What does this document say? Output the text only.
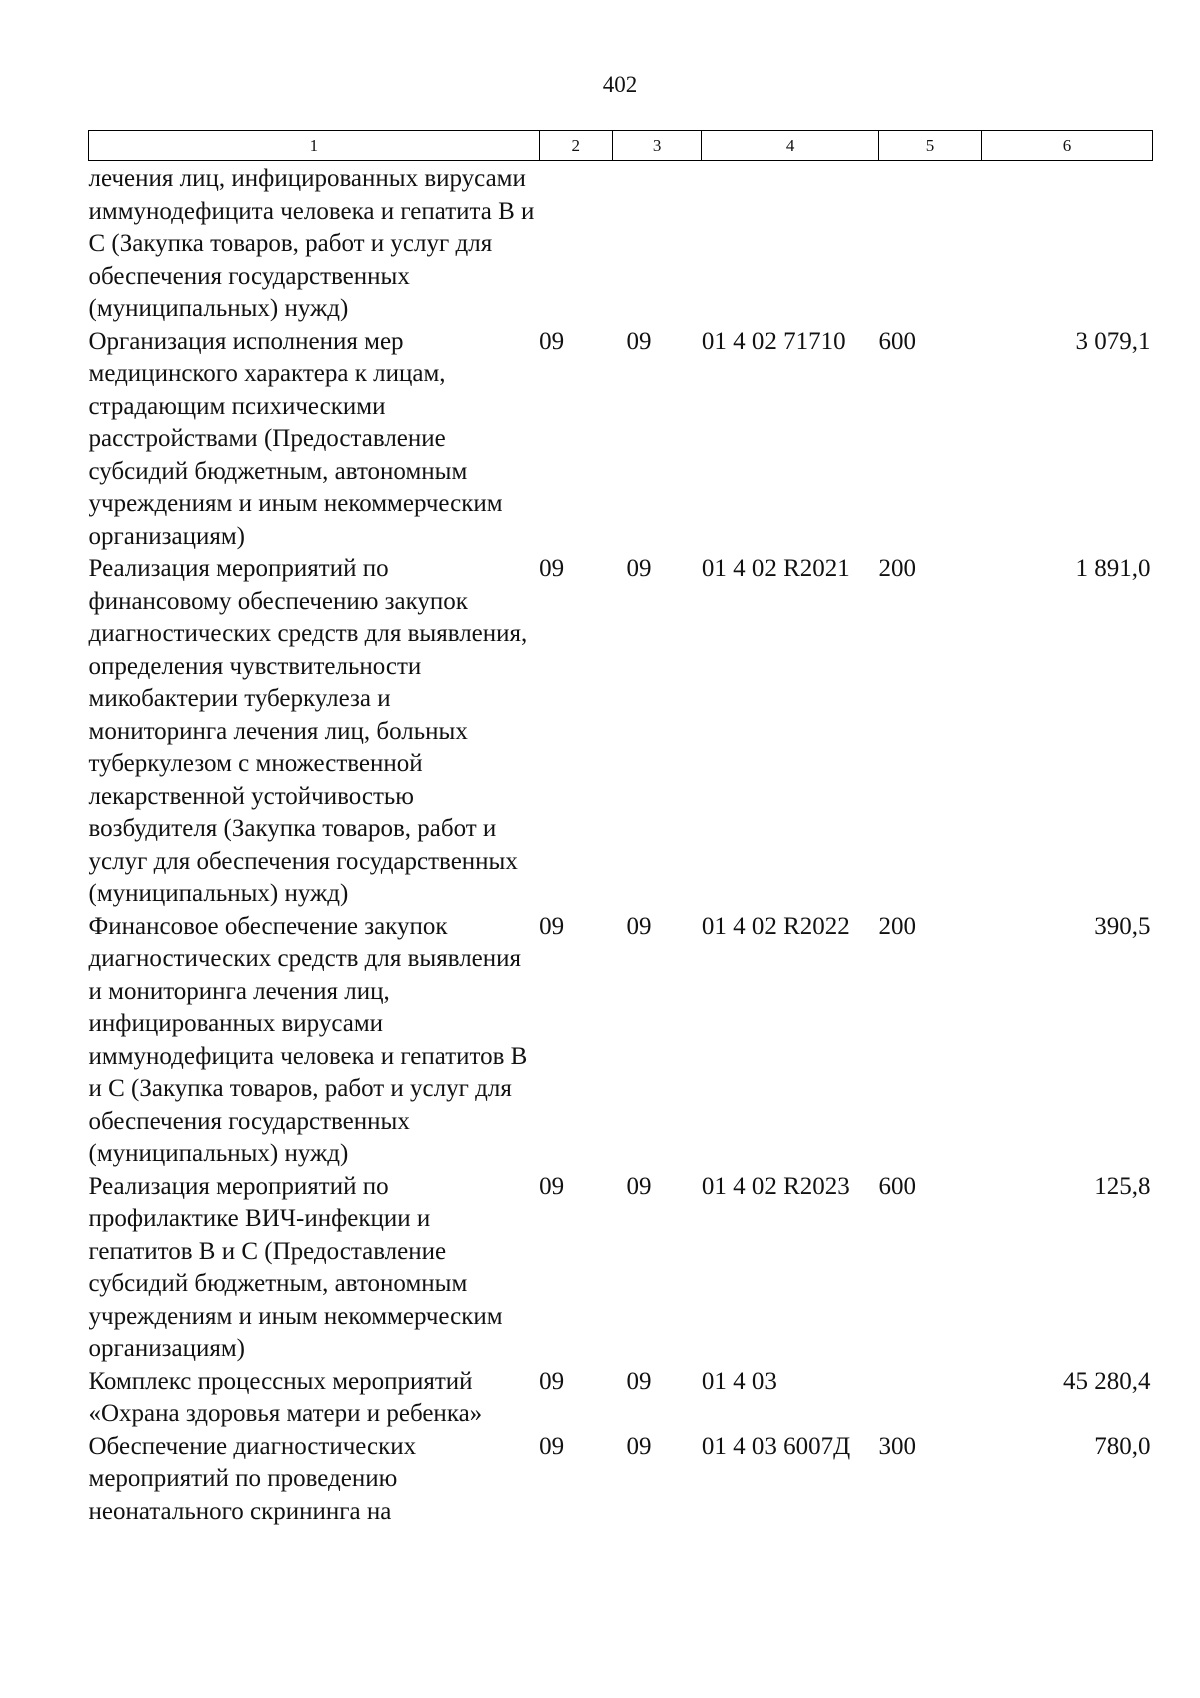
402
1	2	3	4	5	6
лечения лиц, инфицированных вирусами иммунодефицита человека и гепатита В и С (Закупка товаров, работ и услуг для обеспечения государственных (муниципальных) нужд)					
Организация исполнения мер медицинского характера к лицам, страдающим психическими расстройствами (Предоставление субсидий бюджетным, автономным учреждениям и иным некоммерческим организациям)	09	09	01 4 02 71710	600	3 079,1
Реализация мероприятий по финансовому обеспечению закупок диагностических средств для выявления, определения чувствительности микобактерии туберкулеза и мониторинга лечения лиц, больных туберкулезом с множественной лекарственной устойчивостью возбудителя (Закупка товаров, работ и услуг для обеспечения государственных (муниципальных) нужд)	09	09	01 4 02 R2021	200	1 891,0
Финансовое обеспечение закупок диагностических средств для выявления и мониторинга лечения лиц, инфицированных вирусами иммунодефицита человека и гепатитов В и С (Закупка товаров, работ и услуг для обеспечения государственных (муниципальных) нужд)	09	09	01 4 02 R2022	200	390,5
Реализация мероприятий по профилактике ВИЧ-инфекции и гепатитов В и С (Предоставление субсидий бюджетным, автономным учреждениям и иным некоммерческим организациям)	09	09	01 4 02 R2023	600	125,8
Комплекс процессных мероприятий «Охрана здоровья матери и ребенка»	09	09	01 4 03		45 280,4
Обеспечение диагностических мероприятий по проведению неонатального скрининга на	09	09	01 4 03 6007Д	300	780,0
